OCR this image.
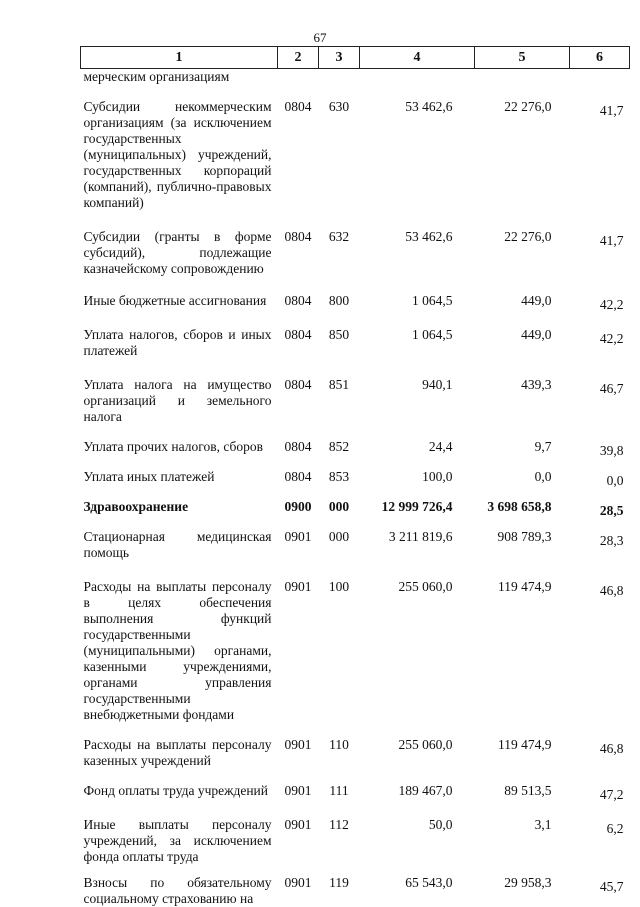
67
1	2	3	4	5	6
мерческим организациям					
Субсидии некоммерческим организациям (за исключением государственных (муниципальных) учреждений, государственных корпораций (компаний), публично-правовых компаний)	0804	630	53 462,6	22 276,0	41,7
Субсидии (гранты в форме субсидий), подлежащие казначейскому сопровождению	0804	632	53 462,6	22 276,0	41,7
Иные бюджетные ассигнования	0804	800	1 064,5	449,0	42,2
Уплата налогов, сборов и иных платежей	0804	850	1 064,5	449,0	42,2
Уплата налога на имущество организаций и земельного налога	0804	851	940,1	439,3	46,7
Уплата прочих налогов, сборов	0804	852	24,4	9,7	39,8
Уплата иных платежей	0804	853	100,0	0,0	0,0
Здравоохранение	0900	000	12 999 726,4	3 698 658,8	28,5
Стационарная медицинская помощь	0901	000	3 211 819,6	908 789,3	28,3
Расходы на выплаты персоналу в целях обеспечения выполнения функций государственными (муниципальными) органами, казенными учреждениями, органами управления государственными внебюджетными фондами	0901	100	255 060,0	119 474,9	46,8
Расходы на выплаты персоналу казенных учреждений	0901	110	255 060,0	119 474,9	46,8
Фонд оплаты труда учреждений	0901	111	189 467,0	89 513,5	47,2
Иные выплаты персоналу учреждений, за исключением фонда оплаты труда	0901	112	50,0	3,1	6,2
Взносы по обязательному социальному страхованию на	0901	119	65 543,0	29 958,3	45,7
